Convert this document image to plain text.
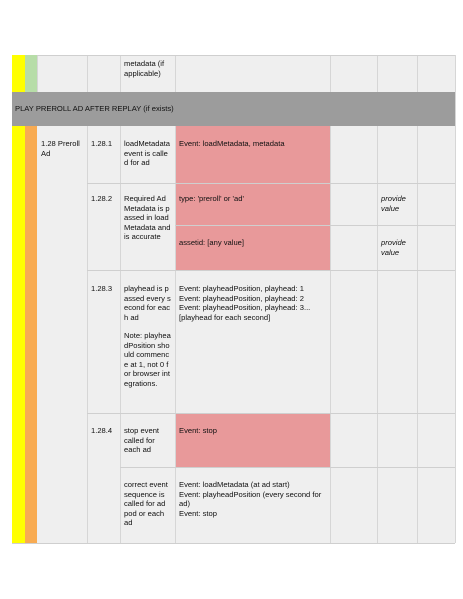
metadata (if applicable)
PLAY PREROLL AD AFTER REPLAY (if exists)
1.28 Preroll Ad
1.28.1 loadMetadata event is called for ad
Event: loadMetadata, metadata
1.28.2 Required Ad Metadata is passed in loadMetadata and is accurate
type: 'preroll' or 'ad'	provide value
assetid: [any value]	provide value
1.28.3 playhead is passed every second for each ad
Note: playheadPosition should commence at 1, not 0 for browser integrations.
Event: playheadPosition, playhead: 1
Event: playheadPosition, playhead: 2
Event: playheadPosition, playhead: 3...[playhead for each second]
1.28.4 stop event called for each ad
Event: stop
correct event sequence is called for ad pod or each ad
Event: loadMetadata (at ad start)
Event: playheadPosition (every second for ad)
Event: stop
